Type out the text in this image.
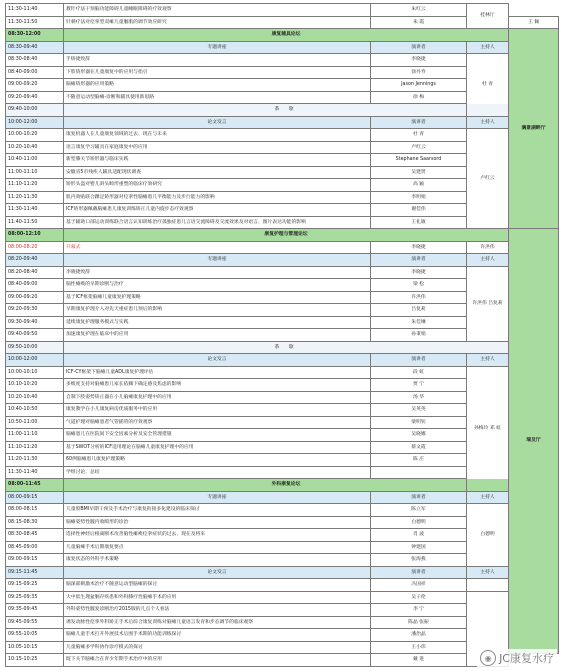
11:30-11:40	教针疗法干预脑功能障碍儿童睡眠障碍的疗效观察	朱红云	桂林厅	
11:30-11:50	针刺疗法对痉挛型双瘫儿童腘肌的调节效应研究	朱 霞		王 佩
08:30-12:00	康复辅具论坛			漓景湖畔厅
08:30-09:40	专题讲座	演讲者	主持人	
08:30-08:40	手矫捷致辞	李晓捷	杜 青	
08:40-09:00	下肢矫形器在儿童康复中的应用与指引	徐丹寿		
09:00-09:20	脑瘫矫形器的应用策略	Jason Jennings		
09:20-09:40	不随意运动型脑瘫-诊断和辅具使用新思路	徐 梅		
09:40-10:00	茶 歇			
10:00-12:00	论文发言	演讲者	主持人	
10:00-10:20	康复机器人在儿童康复领域的过去、现在与未来	杜 青	卢红云	
10:20-10:40	语言康复学习辅具在家庭康复中的应用	卢红云		
10:40-11:00	新型膝关节矫形器与临床实践	Stephane Saarsord		
11:00-11:10	安徽省5市残疾人辅具适配现状调查	吴建贤		
11:10-11:20	矫形头盔对婴儿斜头畸形重塑的临床疗效研究	高 颖		
11:20-11:30	肌内效贴联合踝足矫形器对痉挛性脑瘫患儿平衡能力及步行能力的影响	李明娟		
11:30-11:40	ICF矫形器佩戴脑瘫患儿康复训练矫正儿童内旋步态疗效观察	谢佳伟		
11:40-11:50	基于辅助口部运动训练联合语言认知训练治疗孤独症患儿言语交流障碍及交流效果及对语言、图片表达功能的影响	王礼敏		
08:00-12:10	康复护理与管理论坛			瑞及厅
08:00-08:20	开幕式	李晓捷	许洪伟	
08:20-09:40	专题讲座	演讲者	主持人	
08:20-08:40	李晓捷致辞	李晓捷	许洪伟 吕复莉	
08:40-09:00	脑性瘫痪的早期诊断与治疗	梁 松		
09:00-09:20	基于ICF框架脑瘫儿童康复护理策略	许洪伟		
09:20-09:30	早期康复护理介入对先天重症患儿预后的影响	吕复莉		
09:30-09:40	延续康复护理服务模式与实践	朱佳琳		
09:40-09:50	加速康复护理在临床中的应用	孙秉娟		
09:50-10:00	茶 歇			
10:00-12:00	论文发言	演讲者	主持人	
10:00-10:10	ICF-CY框架下脑瘫儿童ADL康复护理评估	段 虹	孙梅玲 邓 虹	
10:10-10:20	多维度支持对脑瘫患儿家长依赖下确定感及焦虑的影响	贾 宁		
10:20-10:40	自制下肢姿势矫正器在小儿脑瘫康复护理中的应用	汤 华		
10:40-10:50	康复教学在小儿康复病房优质服务中的应用	吴英英		
10:50-11:00	气道护理对脑瘫患者气管插管的疗效观察	梁明钊		
11:00-11:10	脑瘫患儿在医院间下安全因素分析及安全管理措施	吴晓娜		
11:10-11:20	基于SWOT分析的ICF适用理论在脑瘫儿童康复护理中的应用	蔡文霞		
11:20-11:30	60例脑瘫患儿康复护理策略	陈 庄		
11:30-11:40	学组讨论、总结			
08:00-11:45	外科康复论坛			
08:00-09:15	专题讲座	演讲者	主持人	
08:00-08:15	儿童股BMI早期干预及手术治疗与康复衔接多化建设的临床探讨	陈立军	白德明	
08:15-08:30	脑瘫姿势性髋内收畸形的诊治	白德明		
08:30-08:45	选择性神经后根离断术改善脑性瘫痪痉挛症状的过去、现在及将来	肖 波		
08:45-09:00	儿童脑瘫手术后期康复要点	钟建国		
09:00-09:15	康复状态的外科手术策略	张海燕		
09:15-11:45	论文发言	演讲者	主持人	
09:15-09:25	脑深部刺激术治疗不随意运动型脑瘫的探讨	冯国祥		
09:25-09:35	大中低生理盆胴存疾患和外科膝疗性脑瘫手术的应用	吴子伦		
09:35-09:45	外科姿势性髋复诊断治疗2015版的几点个人看法	李 宁		
09:45-09:55	诱发动脉性痉挛外科矫正手术后综合康复训练对脑瘫儿童语言发育和步态调节的临床观察	陈晶 张振		
09:55-10:05	脑瘫儿童手术打开外展技术后围手术期的功能训练探讨	潘治晶		
10:05-10:15	儿童脑瘫多学科协作诊疗模式的探讨	王小玮		
10:15-10:25	既下关节脑瘫合在青少年期手术治疗中的应用	戴 进			◉ JC康复水疗
